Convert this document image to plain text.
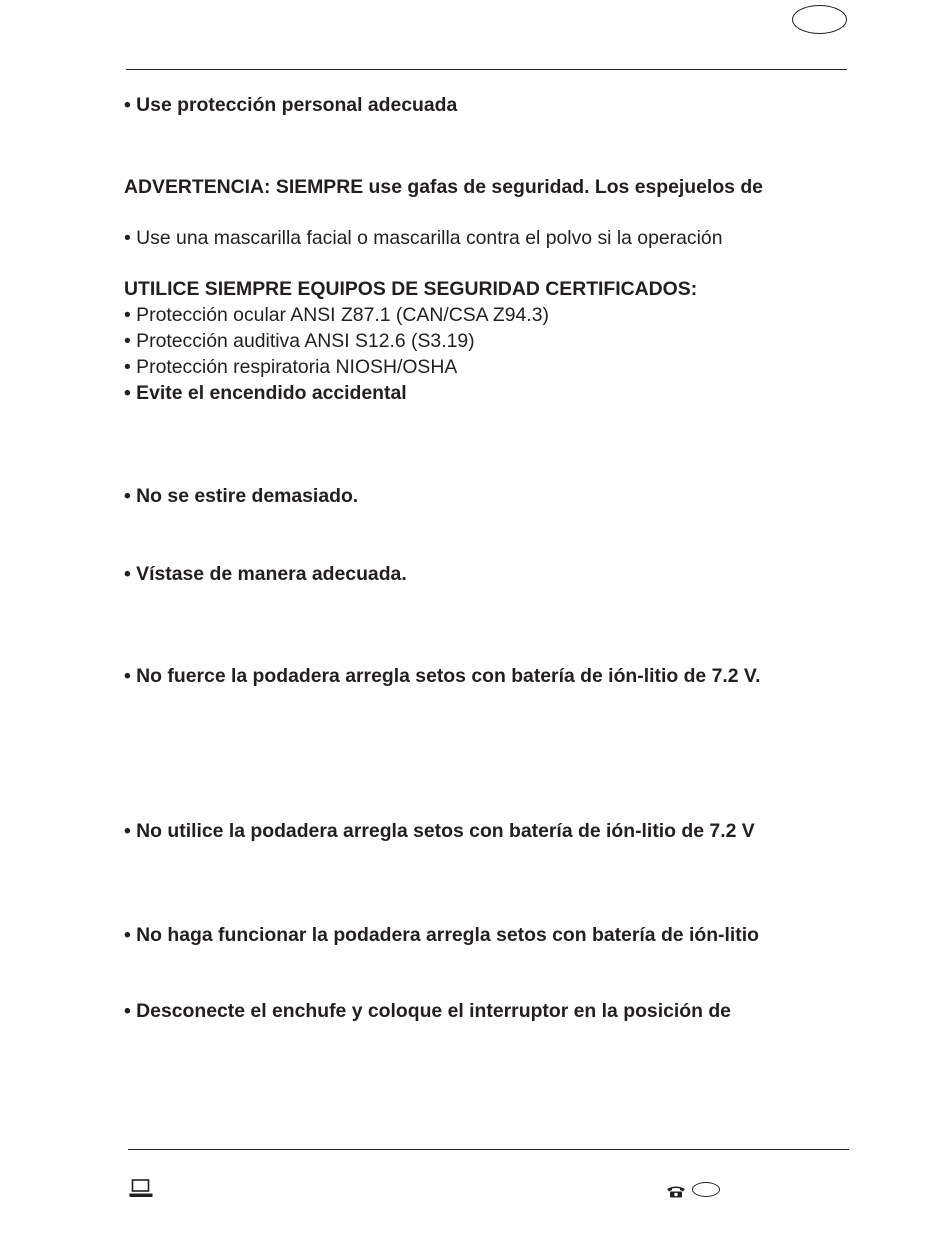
• Use protección personal adecuada
ADVERTENCIA: SIEMPRE use gafas de seguridad. Los espejuelos de
• Use una mascarilla facial o mascarilla contra el polvo si la operación
UTILICE SIEMPRE EQUIPOS DE SEGURIDAD CERTIFICADOS:
• Protección ocular ANSI Z87.1 (CAN/CSA Z94.3)
• Protección auditiva ANSI S12.6 (S3.19)
• Protección respiratoria NIOSH/OSHA
• Evite el encendido accidental
• No se estire demasiado.
• Vístase de manera adecuada.
• No fuerce la podadera arregla setos con batería de ión-litio de 7.2 V.
• No utilice la podadera arregla setos con batería de ión-litio de 7.2 V
• No haga funcionar la podadera arregla setos con batería de ión-litio
• Desconecte el enchufe y coloque el interruptor en la posición de
